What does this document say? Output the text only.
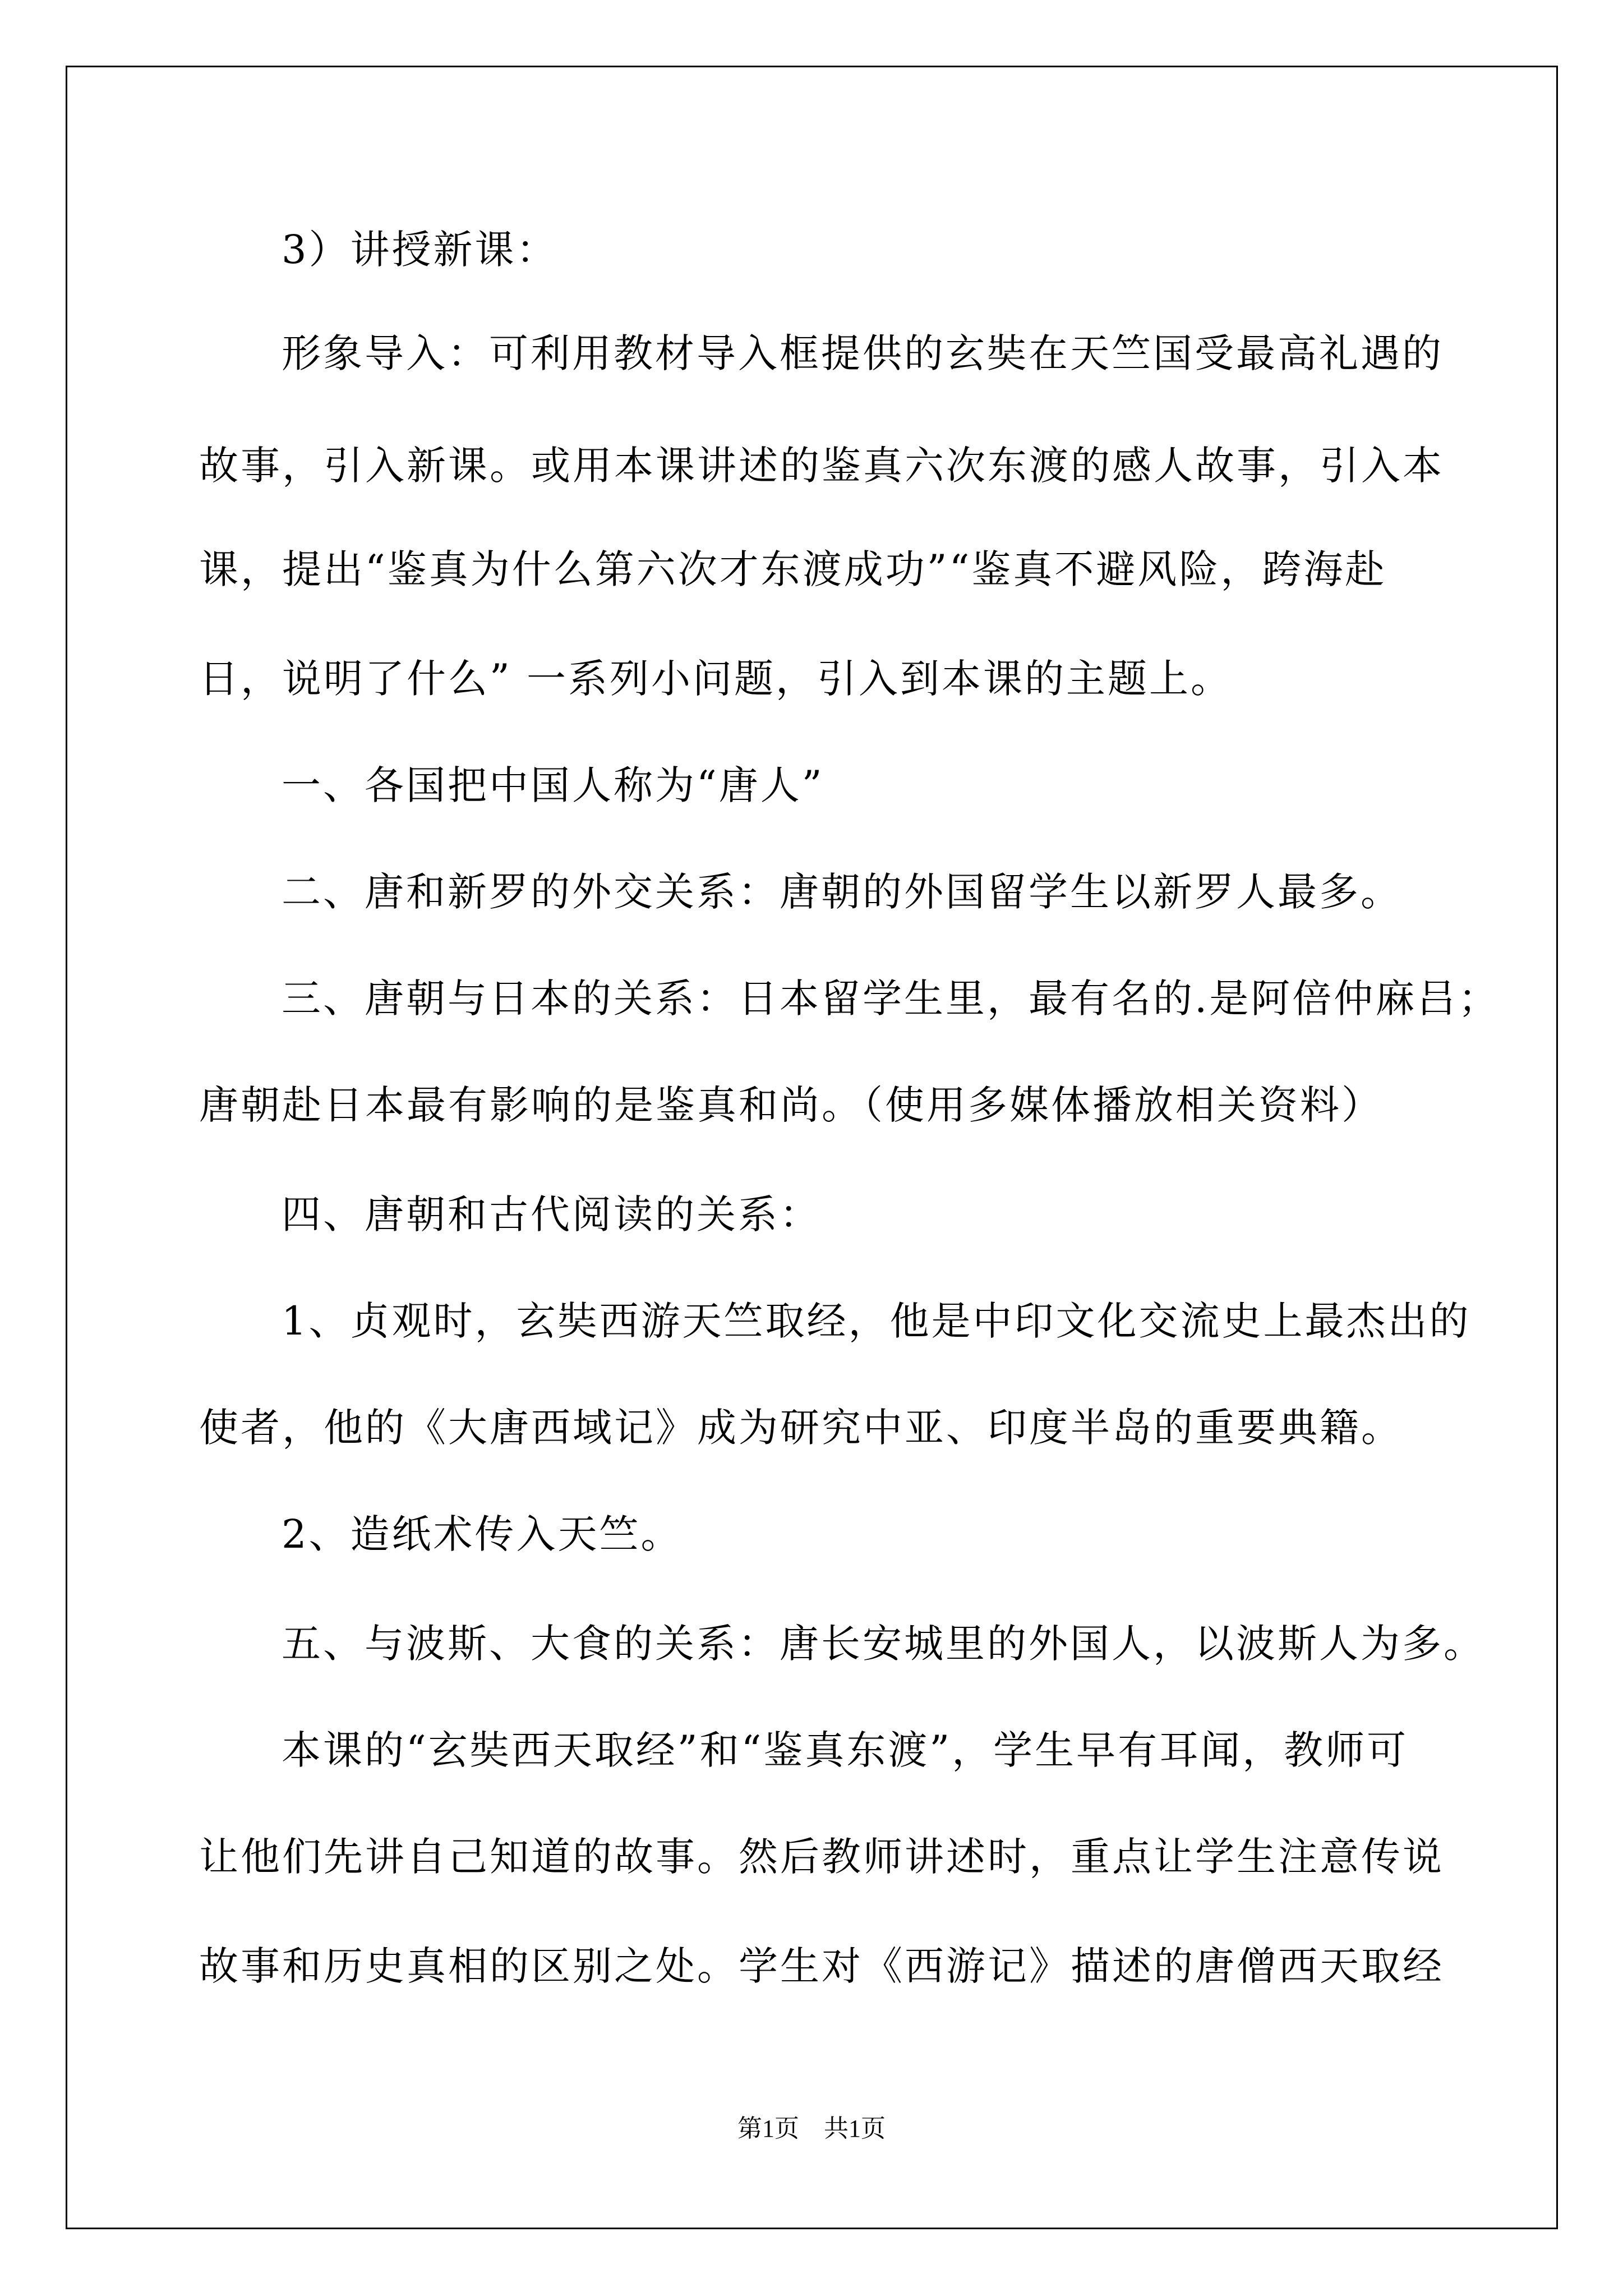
3）讲授新课：
形象导入：可利用教材导入框提供的玄奘在天竺国受最高礼遇的
故事，引入新课。或用本课讲述的鉴真六次东渡的感人故事，引入本
课，提出“鉴真为什么第六次才东渡成功”“鉴真不避风险，跨海赴
日，说明了什么” 一系列小问题，引入到本课的主题上。
一、各国把中国人称为“唐人”
二、唐和新罗的外交关系：唐朝的外国留学生以新罗人最多。
三、唐朝与日本的关系：日本留学生里，最有名的.是阿倍仲麻吕；
唐朝赴日本最有影响的是鉴真和尚。（使用多媒体播放相关资料）
四、唐朝和古代阅读的关系：
1、贞观时，玄奘西游天竺取经，他是中印文化交流史上最杰出的
使者，他的《大唐西域记》成为研究中亚、印度半岛的重要典籍。
2、造纸术传入天竺。
五、与波斯、大食的关系：唐长安城里的外国人，以波斯人为多。
本课的“玄奘西天取经”和“鉴真东渡”，学生早有耳闻，教师可
让他们先讲自己知道的故事。然后教师讲述时，重点让学生注意传说
故事和历史真相的区别之处。学生对《西游记》描述的唐僧西天取经
第1页　共1页
